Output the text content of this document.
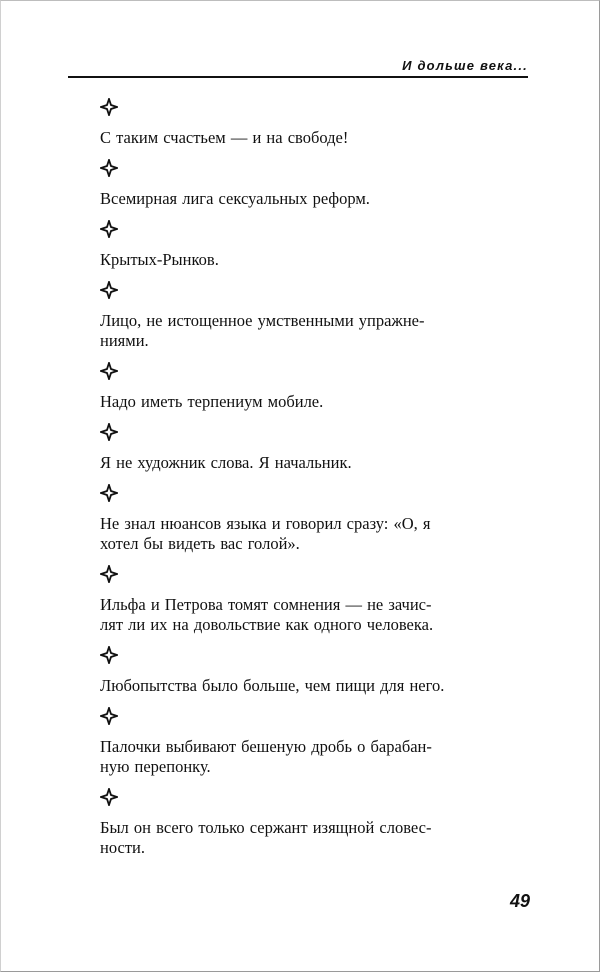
И дольше века...

С таким счастьем — и на свободе!

Всемирная лига сексуальных реформ.

Крытых-Рынков.

Лицо, не истощенное умственными упражне-
ниями.

Надо иметь терпениум мобиле.

Я не художник слова. Я начальник.

Не знал нюансов языка и говорил сразу: «О, я
хотел бы видеть вас голой».

Ильфа и Петрова томят сомнения — не зачис-
лят ли их на довольствие как одного человека.

Любопытства было больше, чем пищи для него.

Палочки выбивают бешеную дробь о барабан-
ную перепонку.

Был он всего только сержант изящной словес-
ности.

49
